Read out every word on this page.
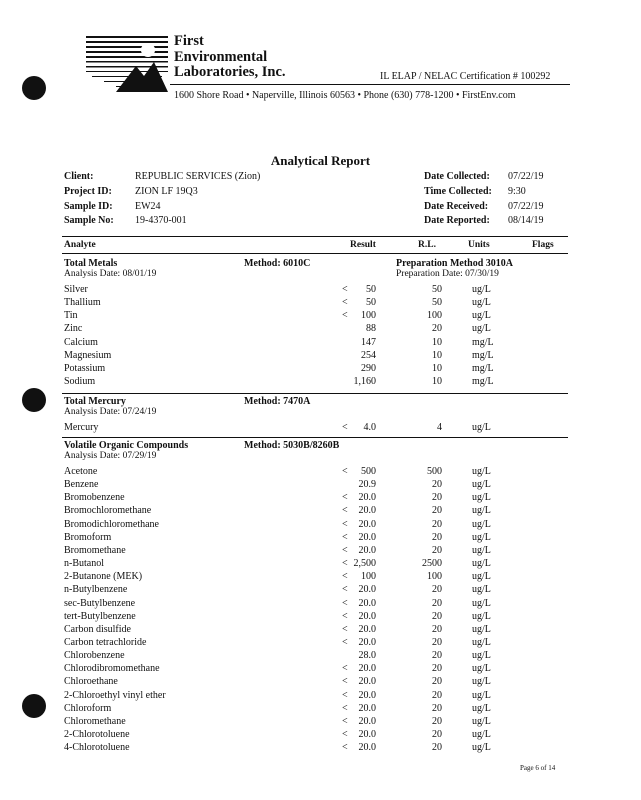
First
Environmental
Laboratories, Inc.	IL ELAP / NELAC Certification # 100292
1600 Shore Road • Naperville, Illinois 60563 • Phone (630) 778-1200 • FirstEnv.com
Analytical Report
Client:	REPUBLIC SERVICES (Zion)
Project ID: ZION LF 19Q3
Sample ID: EW24
Sample No: 19-4370-001
Date Collected: 07/22/19
Time Collected: 9:30
Date Received: 07/22/19
Date Reported: 08/14/19
Analyte	Result	R.L.	Units	Flags
Total Metals	Method: 6010C
Analysis Date: 08/01/19
Preparation Method 3010A
Preparation Date: 07/30/19
Silver	<	50	50	ug/L
Thallium	<	50	50	ug/L
Tin	<	100	100	ug/L
Zinc	88	20	ug/L
Calcium	147	10	mg/L
Magnesium	254	10	mg/L
Potassium	290	10	mg/L
Sodium	1,160	10	mg/L
Total Mercury	Method: 7470A
Analysis Date: 07/24/19
Mercury	<	4.0	4	ug/L
Volatile Organic Compounds	Method: 5030B/8260B
Analysis Date: 07/29/19
Acetone	<	500	500	ug/L
Benzene	20.9	20	ug/L
Bromobenzene	<	20.0	20	ug/L
Bromochloromethane	<	20.0	20	ug/L
Bromodichloromethane	<	20.0	20	ug/L
Bromoform	<	20.0	20	ug/L
Bromomethane	<	20.0	20	ug/L
n-Butanol	< 2,500	2500	ug/L
2-Butanone (MEK)	<	100	100	ug/L
n-Butylbenzene	<	20.0	20	ug/L
sec-Butylbenzene	<	20.0	20	ug/L
tert-Butylbenzene	<	20.0	20	ug/L
Carbon disulfide	<	20.0	20	ug/L
Carbon tetrachloride	<	20.0	20	ug/L
Chlorobenzene	28.0	20	ug/L
Chlorodibromomethane	<	20.0	20	ug/L
Chloroethane	<	20.0	20	ug/L
2-Chloroethyl vinyl ether	<	20.0	20	ug/L
Chloroform	<	20.0	20	ug/L
Chloromethane	<	20.0	20	ug/L
2-Chlorotoluene	<	20.0	20	ug/L
4-Chlorotoluene	<	20.0	20	ug/L
Page 6 of 14
